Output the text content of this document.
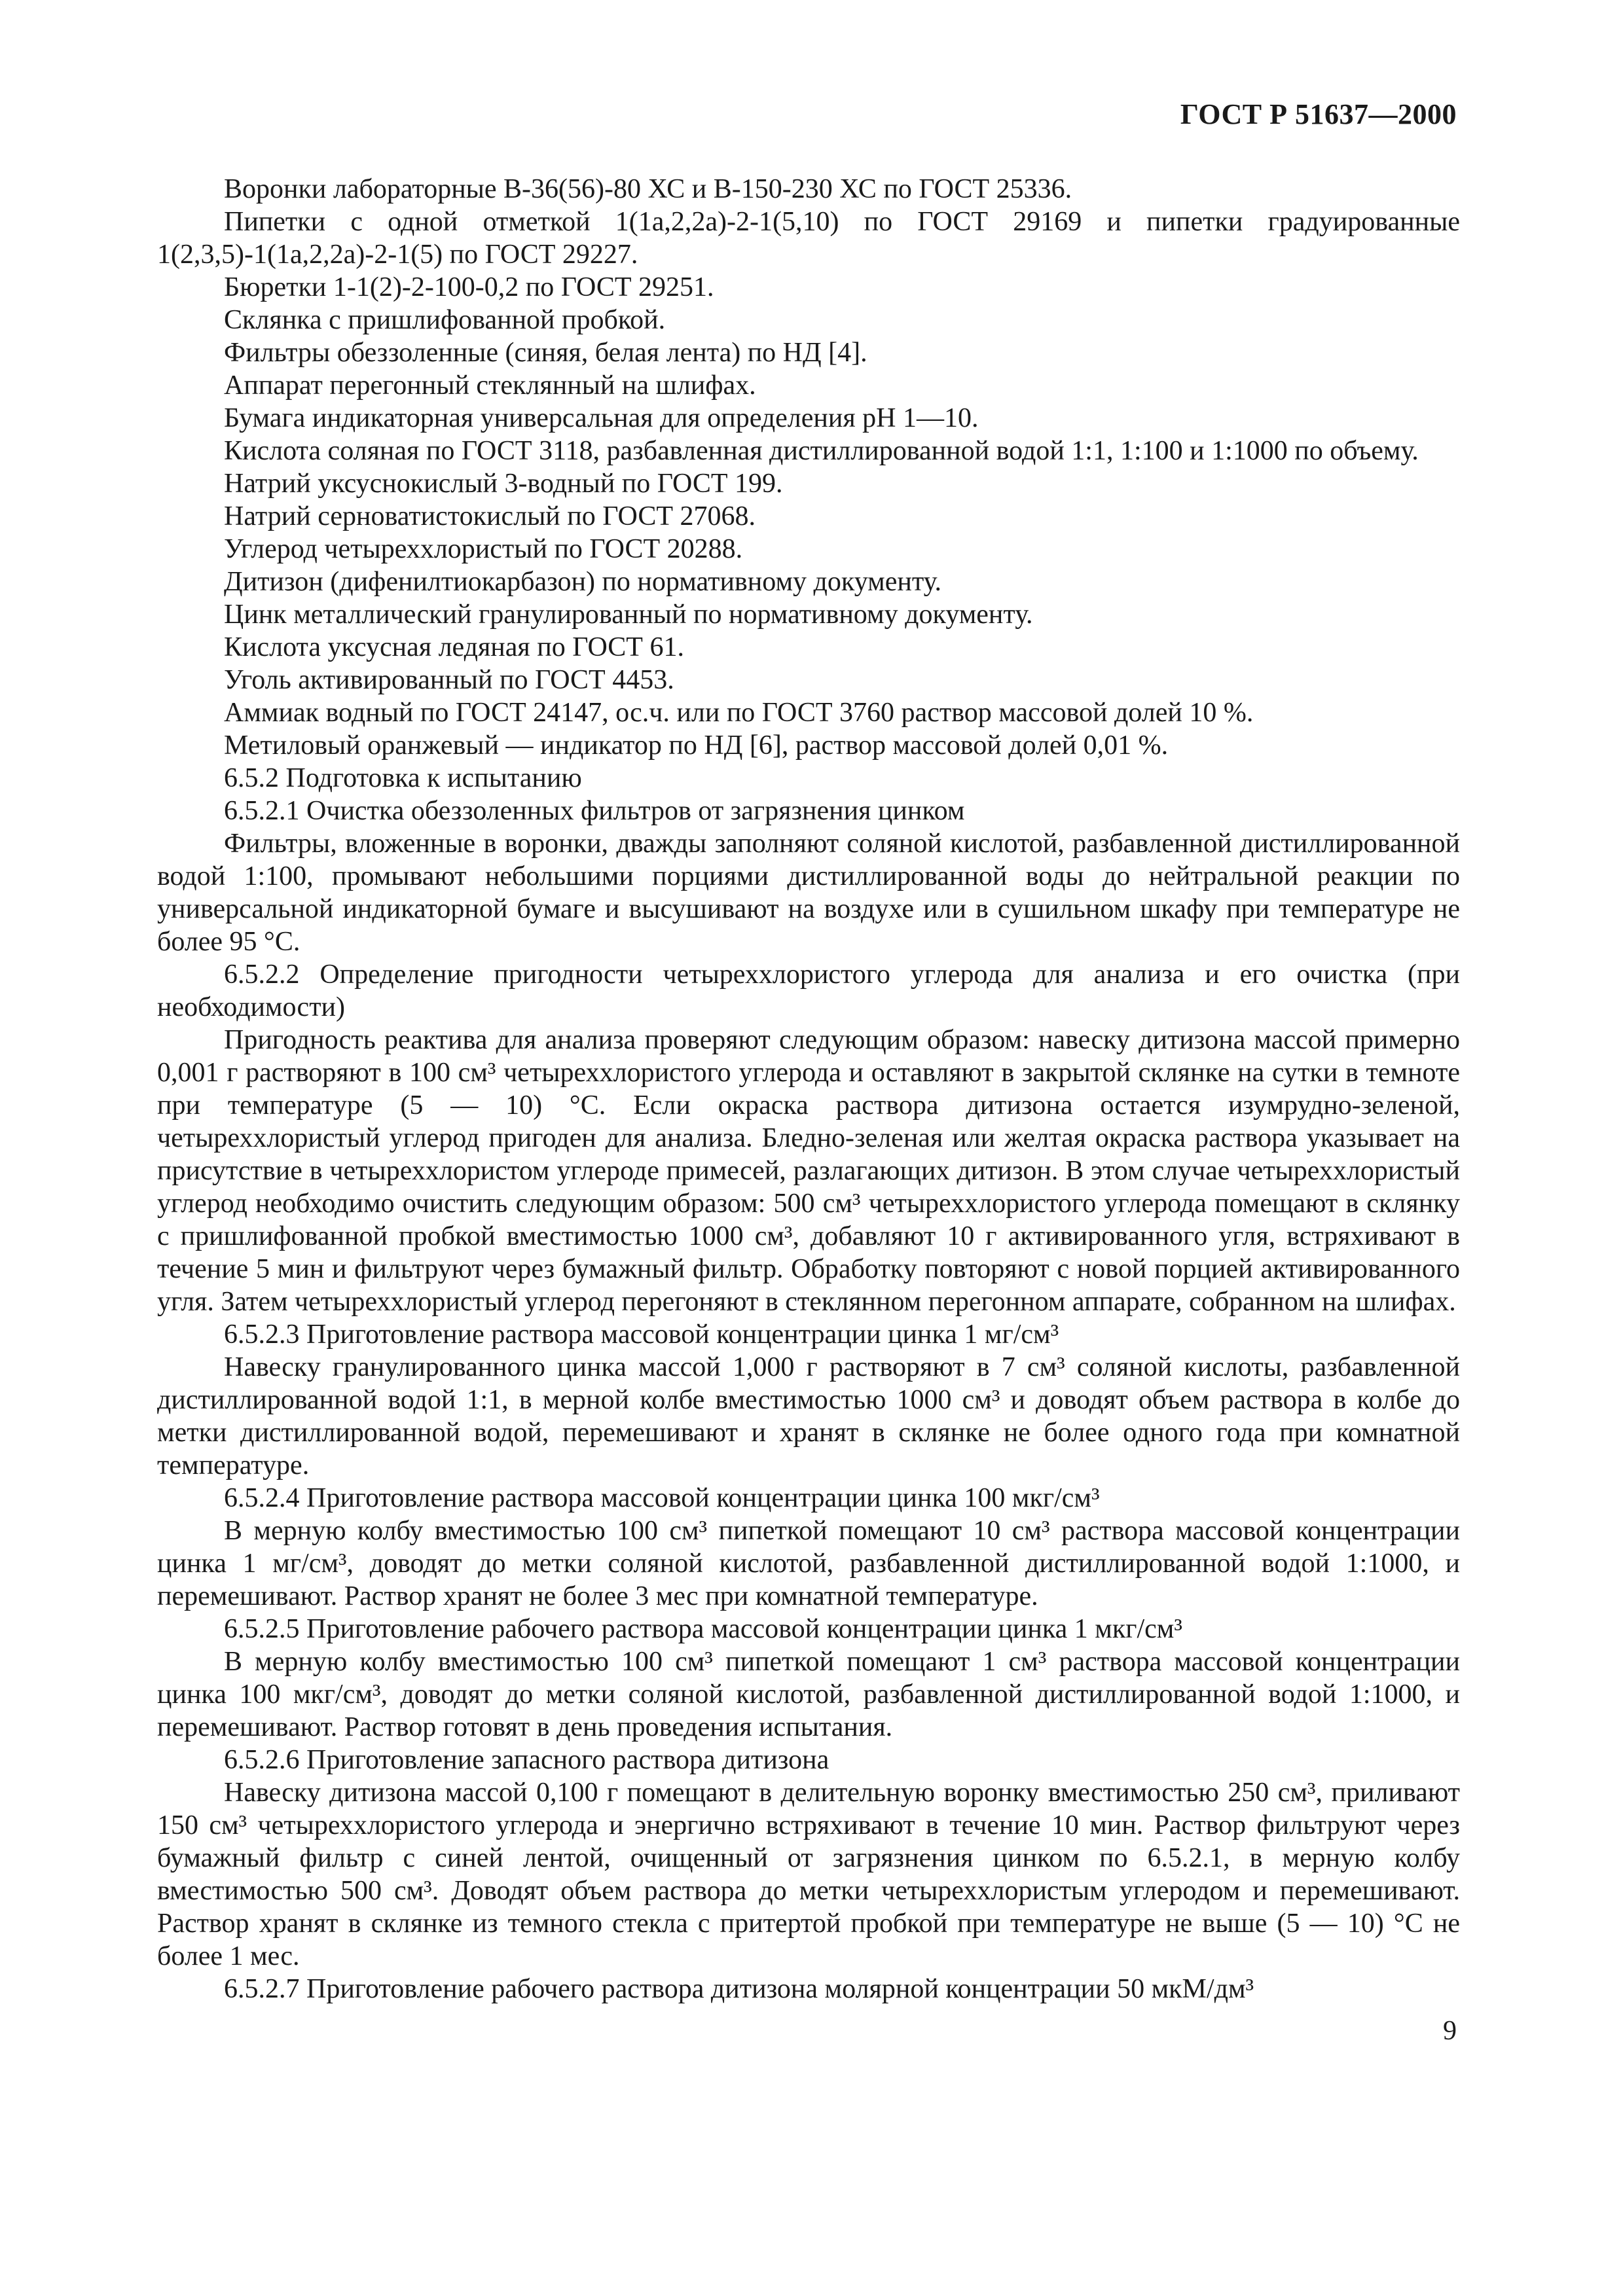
ГОСТ Р 51637—2000

Воронки лабораторные В-36(56)-80 ХС и В-150-230 ХС по ГОСТ 25336.

Пипетки с одной отметкой 1(1а,2,2а)-2-1(5,10) по ГОСТ 29169 и пипетки градуированные 1(2,3,5)-1(1а,2,2а)-2-1(5) по ГОСТ 29227.

Бюретки 1-1(2)-2-100-0,2 по ГОСТ 29251.

Склянка с пришлифованной пробкой.

Фильтры обеззоленные (синяя, белая лента) по НД [4].

Аппарат перегонный стеклянный на шлифах.

Бумага индикаторная универсальная для определения рН 1—10.

Кислота соляная по ГОСТ 3118, разбавленная дистиллированной водой 1:1, 1:100 и 1:1000 по объему.

Натрий уксуснокислый 3-водный по ГОСТ 199.

Натрий серноватистокислый по ГОСТ 27068.

Углерод четыреххлористый по ГОСТ 20288.

Дитизон (дифенилтиокарбазон) по нормативному документу.

Цинк металлический гранулированный по нормативному документу.

Кислота уксусная ледяная по ГОСТ 61.

Уголь активированный по ГОСТ 4453.

Аммиак водный по ГОСТ 24147, ос.ч. или по ГОСТ 3760 раствор массовой долей 10 %.

Метиловый оранжевый — индикатор по НД [6], раствор массовой долей 0,01 %.

6.5.2 Подготовка к испытанию

6.5.2.1 Очистка обеззоленных фильтров от загрязнения цинком

Фильтры, вложенные в воронки, дважды заполняют соляной кислотой, разбавленной дистиллированной водой 1:100, промывают небольшими порциями дистиллированной воды до нейтральной реакции по универсальной индикаторной бумаге и высушивают на воздухе или в сушильном шкафу при температуре не более 95 °С.

6.5.2.2 Определение пригодности четыреххлористого углерода для анализа и его очистка (при необходимости)

Пригодность реактива для анализа проверяют следующим образом: навеску дитизона массой примерно 0,001 г растворяют в 100 см³ четыреххлористого углерода и оставляют в закрытой склянке на сутки в темноте при температуре (5 — 10) °С. Если окраска раствора дитизона остается изумрудно-зеленой, четыреххлористый углерод пригоден для анализа. Бледно-зеленая или желтая окраска раствора указывает на присутствие в четыреххлористом углероде примесей, разлагающих дитизон. В этом случае четыреххлористый углерод необходимо очистить следующим образом: 500 см³ четыреххлористого углерода помещают в склянку с пришлифованной пробкой вместимостью 1000 см³, добавляют 10 г активированного угля, встряхивают в течение 5 мин и фильтруют через бумажный фильтр. Обработку повторяют с новой порцией активированного угля. Затем четыреххлористый углерод перегоняют в стеклянном перегонном аппарате, собранном на шлифах.

6.5.2.3 Приготовление раствора массовой концентрации цинка 1 мг/см³

Навеску гранулированного цинка массой 1,000 г растворяют в 7 см³ соляной кислоты, разбавленной дистиллированной водой 1:1, в мерной колбе вместимостью 1000 см³ и доводят объем раствора в колбе до метки дистиллированной водой, перемешивают и хранят в склянке не более одного года при комнатной температуре.

6.5.2.4 Приготовление раствора массовой концентрации цинка 100 мкг/см³

В мерную колбу вместимостью 100 см³ пипеткой помещают 10 см³ раствора массовой концентрации цинка 1 мг/см³, доводят до метки соляной кислотой, разбавленной дистиллированной водой 1:1000, и перемешивают. Раствор хранят не более 3 мес при комнатной температуре.

6.5.2.5 Приготовление рабочего раствора массовой концентрации цинка 1 мкг/см³

В мерную колбу вместимостью 100 см³ пипеткой помещают 1 см³ раствора массовой концентрации цинка 100 мкг/см³, доводят до метки соляной кислотой, разбавленной дистиллированной водой 1:1000, и перемешивают. Раствор готовят в день проведения испытания.

6.5.2.6 Приготовление запасного раствора дитизона

Навеску дитизона массой 0,100 г помещают в делительную воронку вместимостью 250 см³, приливают 150 см³ четыреххлористого углерода и энергично встряхивают в течение 10 мин. Раствор фильтруют через бумажный фильтр с синей лентой, очищенный от загрязнения цинком по 6.5.2.1, в мерную колбу вместимостью 500 см³. Доводят объем раствора до метки четыреххлористым углеродом и перемешивают. Раствор хранят в склянке из темного стекла с притертой пробкой при температуре не выше (5 — 10) °С не более 1 мес.

6.5.2.7 Приготовление рабочего раствора дитизона молярной концентрации 50 мкМ/дм³

9
